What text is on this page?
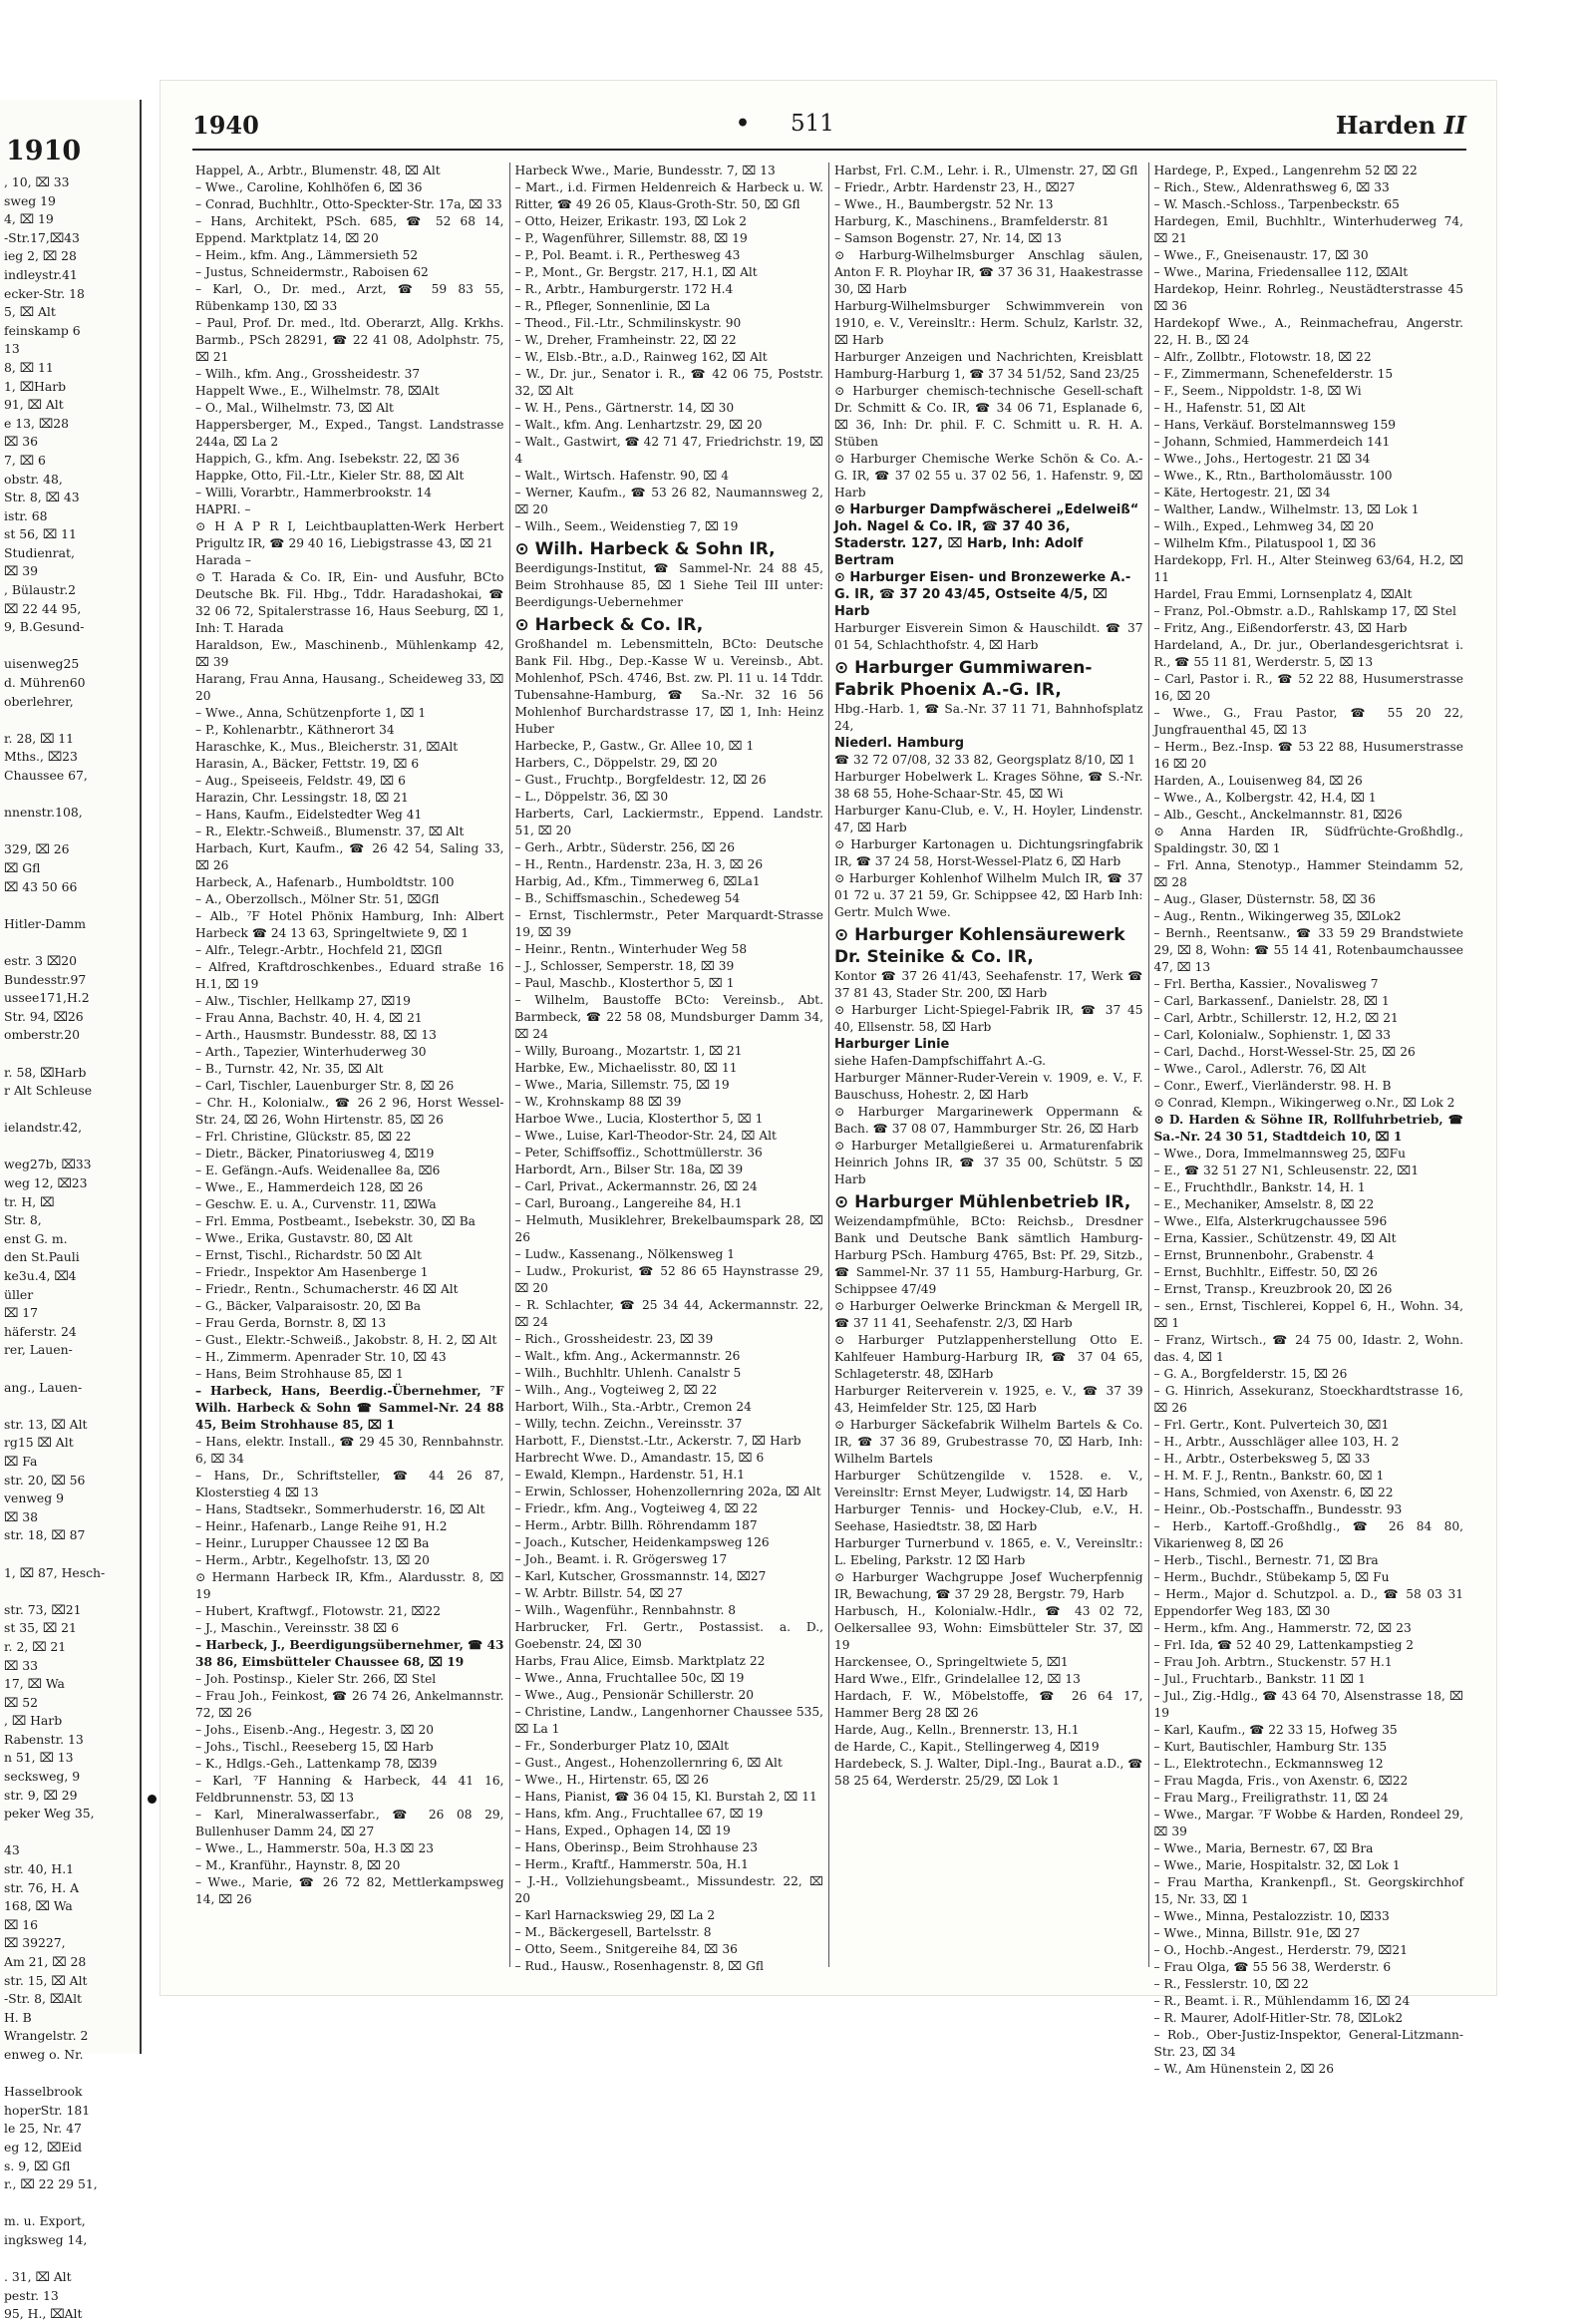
1910
, 10, ⌧ 33
sweg 19
4, ⌧ 19
-Str.17,⌧43
ieg 2, ⌧ 28
indleystr.41
ecker-Str. 18
5, ⌧ Alt
feinskamp 6
13
8, ⌧ 11
1, ⌧Harb
91, ⌧ Alt
e 13, ⌧28
⌧ 36
7, ⌧ 6
obstr. 48,
Str. 8, ⌧ 43
istr. 68
st 56, ⌧ 11
Studienrat,
⌧ 39
, Bülaustr.2
⌧ 22 44 95,
9, B.Gesund-

uisenweg25
d. Mühren60
oberlehrer,

r. 28, ⌧ 11
Mths., ⌧23
Chaussee 67,

nnenstr.108,

329, ⌧ 26
⌧ Gfl
⌧ 43 50 66

Hitler-Damm

estr. 3 ⌧20
Bundesstr.97
ussee171,H.2
Str. 94, ⌧26
omberstr.20

r. 58, ⌧Harb
r Alt Schleuse

ielandstr.42,

weg27b, ⌧33
weg 12, ⌧23
tr. H, ⌧
Str. 8,
enst G. m.
den St.Pauli
ke3u.4, ⌧4
üller
⌧ 17
häferstr. 24
rer, Lauen-

ang., Lauen-

str. 13, ⌧ Alt
rg15 ⌧ Alt
⌧ Fa
str. 20, ⌧ 56
venweg 9
⌧ 38
str. 18, ⌧ 87

1, ⌧ 87, Hesch-

str. 73, ⌧21
st 35, ⌧ 21
r. 2, ⌧ 21
⌧ 33
17, ⌧ Wa
⌧ 52
, ⌧ Harb
Rabenstr. 13
n 51, ⌧ 13
secksweg, 9
str. 9, ⌧ 29
peker Weg 35,

43
str. 40, H.1
str. 76, H. A
168, ⌧ Wa
⌧ 16
⌧ 39227,
Am 21, ⌧ 28
str. 15, ⌧ Alt
-Str. 8, ⌧Alt
H. B
Wrangelstr. 2
enweg o. Nr.

Hasselbrook
hoperStr. 181
le 25, Nr. 47
eg 12, ⌧Eid
s. 9, ⌧ Gfl
r., ⌧ 22 29 51,

m. u. Export,
ingksweg 14,

. 31, ⌧ Alt
pestr. 13
95, H., ⌧Alt
1940	• 511	Harden II

Happel, A., Arbtr., Blumenstr. 48, ⌧ Alt

– Wwe., Caroline, Kohlhöfen 6, ⌧ 36

– Conrad, Buchhltr., Otto-Speckter-Str. 17a, ⌧ 33

– Hans, Architekt, PSch. 685, ☎ 52 68 14, Eppend. Marktplatz 14, ⌧ 20

– Heim., kfm. Ang., Lämmersieth 52

– Justus, Schneidermstr., Raboisen 62

– Karl, O., Dr. med., Arzt, ☎ 59 83 55, Rübenkamp 130, ⌧ 33

– Paul, Prof. Dr. med., ltd. Oberarzt, Allg. Krkhs. Barmb., PSch 28291, ☎ 22 41 08, Adolphstr. 75, ⌧ 21

– Wilh., kfm. Ang., Grossheidestr. 37

Happelt Wwe., E., Wilhelmstr. 78, ⌧Alt

– O., Mal., Wilhelmstr. 73, ⌧ Alt

Happersberger, M., Exped., Tangst. Landstrasse 244a, ⌧ La 2

Happich, G., kfm. Ang. Isebekstr. 22, ⌧ 36

Happke, Otto, Fil.-Ltr., Kieler Str. 88, ⌧ Alt

– Willi, Vorarbtr., Hammerbrookstr. 14

HAPRI. –

⊙ H A P R I, Leichtbauplatten-Werk Herbert Prigultz IR, ☎ 29 40 16, Liebigstrasse 43, ⌧ 21

Harada –

⊙ T. Harada & Co. IR, Ein- und Ausfuhr, BCto Deutsche Bk. Fil. Hbg., Tddr. Haradashokai, ☎ 32 06 72, Spitalerstrasse 16, Haus Seeburg, ⌧ 1, Inh: T. Harada

Haraldson, Ew., Maschinenb., Mühlenkamp 42, ⌧ 39

Harang, Frau Anna, Hausang., Scheideweg 33, ⌧ 20

– Wwe., Anna, Schützenpforte 1, ⌧ 1

– P., Kohlenarbtr., Käthnerort 34

Haraschke, K., Mus., Bleicherstr. 31, ⌧Alt

Harasin, A., Bäcker, Fettstr. 19, ⌧ 6

– Aug., Speiseeis, Feldstr. 49, ⌧ 6

Harazin, Chr. Lessingstr. 18, ⌧ 21

– Hans, Kaufm., Eidelstedter Weg 41

– R., Elektr.-Schweiß., Blumenstr. 37, ⌧ Alt

Harbach, Kurt, Kaufm., ☎ 26 42 54, Saling 33, ⌧ 26

Harbeck, A., Hafenarb., Humboldtstr. 100

– A., Oberzollsch., Mölner Str. 51, ⌧Gfl

– Alb., ⁷F Hotel Phönix Hamburg, Inh: Albert Harbeck ☎ 24 13 63, Springeltwiete 9, ⌧ 1

– Alfr., Telegr.-Arbtr., Hochfeld 21, ⌧Gfl

– Alfred, Kraftdroschkenbes., Eduard straße 16 H.1, ⌧ 19

– Alw., Tischler, Hellkamp 27, ⌧19

– Frau Anna, Bachstr. 40, H. 4, ⌧ 21

– Arth., Hausmstr. Bundesstr. 88, ⌧ 13

– Arth., Tapezier, Winterhuderweg 30

– B., Turnstr. 42, Nr. 35, ⌧ Alt

– Carl, Tischler, Lauenburger Str. 8, ⌧ 26

– Chr. H., Kolonialw., ☎ 26 2 96, Horst Wessel-Str. 24, ⌧ 26, Wohn Hirtenstr. 85, ⌧ 26

– Frl. Christine, Glückstr. 85, ⌧ 22

– Dietr., Bäcker, Pinatoriusweg 4, ⌧19

– E. Gefängn.-Aufs. Weidenallee 8a, ⌧6

– Wwe., E., Hammerdeich 128, ⌧ 26

– Geschw. E. u. A., Curvenstr. 11, ⌧Wa

– Frl. Emma, Postbeamt., Isebekstr. 30, ⌧ Ba

– Wwe., Erika, Gustavstr. 80, ⌧ Alt

– Ernst, Tischl., Richardstr. 50 ⌧ Alt

– Friedr., Inspektor Am Hasenberge 1

– Friedr., Rentn., Schumacherstr. 46 ⌧ Alt

– G., Bäcker, Valparaisostr. 20, ⌧ Ba

– Frau Gerda, Bornstr. 8, ⌧ 13

– Gust., Elektr.-Schweiß., Jakobstr. 8, H. 2, ⌧ Alt

– H., Zimmerm. Apenrader Str. 10, ⌧ 43

– Hans, Beim Strohhause 85, ⌧ 1

– Harbeck, Hans, Beerdig.-Übernehmer, ⁷F Wilh. Harbeck & Sohn ☎ Sammel-Nr. 24 88 45, Beim Strohhause 85, ⌧ 1

– Hans, elektr. Install., ☎ 29 45 30, Rennbahnstr. 6, ⌧ 34

– Hans, Dr., Schriftsteller, ☎ 44 26 87, Klosterstieg 4 ⌧ 13

– Hans, Stadtsekr., Sommerhuderstr. 16, ⌧ Alt

– Heinr., Hafenarb., Lange Reihe 91, H.2

– Heinr., Lurupper Chaussee 12 ⌧ Ba

– Herm., Arbtr., Kegelhofstr. 13, ⌧ 20

⊙ Hermann Harbeck IR, Kfm., Alardusstr. 8, ⌧ 19

– Hubert, Kraftwgf., Flotowstr. 21, ⌧22

– J., Maschin., Vereinsstr. 38 ⌧ 6

– Harbeck, J., Beerdigungsübernehmer, ☎ 43 38 86, Eimsbütteler Chaussee 68, ⌧ 19

– Joh. Postinsp., Kieler Str. 266, ⌧ Stel

– Frau Joh., Feinkost, ☎ 26 74 26, Ankelmannstr. 72, ⌧ 26

– Johs., Eisenb.-Ang., Hegestr. 3, ⌧ 20

– Johs., Tischl., Reeseberg 15, ⌧ Harb

– K., Hdlgs.-Geh., Lattenkamp 78, ⌧39

– Karl, ⁷F Hanning & Harbeck, 44 41 16, Feldbrunnenstr. 53, ⌧ 13

– Karl, Mineralwasserfabr., ☎ 26 08 29, Bullenhuser Damm 24, ⌧ 27

– Wwe., L., Hammerstr. 50a, H.3 ⌧ 23

– M., Kranführ., Haynstr. 8, ⌧ 20

– Wwe., Marie, ☎ 26 72 82, Mettlerkampsweg 14, ⌧ 26

Harbeck Wwe., Marie, Bundesstr. 7, ⌧ 13

– Mart., i.d. Firmen Heldenreich & Harbeck u. W. Ritter, ☎ 49 26 05, Klaus-Groth-Str. 50, ⌧ Gfl

– Otto, Heizer, Erikastr. 193, ⌧ Lok 2

– P., Wagenführer, Sillemstr. 88, ⌧ 19

– P., Pol. Beamt. i. R., Perthesweg 43

– P., Mont., Gr. Bergstr. 217, H.1, ⌧ Alt

– R., Arbtr., Hamburgerstr. 172 H.4

– R., Pfleger, Sonnenlinie, ⌧ La

– Theod., Fil.-Ltr., Schmilinskystr. 90

– W., Dreher, Framheinstr. 22, ⌧ 22

– W., Elsb.-Btr., a.D., Rainweg 162, ⌧ Alt

– W., Dr. jur., Senator i. R., ☎ 42 06 75, Poststr. 32, ⌧ Alt

– W. H., Pens., Gärtnerstr. 14, ⌧ 30

– Walt., kfm. Ang. Lenhartzstr. 29, ⌧ 20

– Walt., Gastwirt, ☎ 42 71 47, Friedrichstr. 19, ⌧ 4

– Walt., Wirtsch. Hafenstr. 90, ⌧ 4

– Werner, Kaufm., ☎ 53 26 82, Naumannsweg 2, ⌧ 20

– Wilh., Seem., Weidenstieg 7, ⌧ 19

⊙ Wilh. Harbeck & Sohn IR,

Beerdigungs-Institut, ☎ Sammel-Nr. 24 88 45, Beim Strohhause 85, ⌧ 1 Siehe Teil III unter: Beerdigungs-Uebernehmer

⊙ Harbeck & Co. IR,

Großhandel m. Lebensmitteln, BCto: Deutsche Bank Fil. Hbg., Dep.-Kasse W u. Vereinsb., Abt. Mohlenhof, PSch. 4746, Bst. zw. Pl. 11 u. 14 Tddr. Tubensahne-Hamburg, ☎ Sa.-Nr. 32 16 56 Mohlenhof Burchardstrasse 17, ⌧ 1, Inh: Heinz Huber

Harbecke, P., Gastw., Gr. Allee 10, ⌧ 1

Harbers, C., Döppelstr. 29, ⌧ 20

– Gust., Fruchtp., Borgfeldestr. 12, ⌧ 26

– L., Döppelstr. 36, ⌧ 30

Harberts, Carl, Lackiermstr., Eppend. Landstr. 51, ⌧ 20

– Gerh., Arbtr., Süderstr. 256, ⌧ 26

– H., Rentn., Hardenstr. 23a, H. 3, ⌧ 26

Harbig, Ad., Kfm., Timmerweg 6, ⌧La1

– B., Schiffsmaschin., Schedeweg 54

– Ernst, Tischlermstr., Peter Marquardt-Strasse 19, ⌧ 39

– Heinr., Rentn., Winterhuder Weg 58

– J., Schlosser, Semperstr. 18, ⌧ 39

– Paul, Maschb., Klosterthor 5, ⌧ 1

– Wilhelm, Baustoffe BCto: Vereinsb., Abt. Barmbeck, ☎ 22 58 08, Mundsburger Damm 34, ⌧ 24

– Willy, Buroang., Mozartstr. 1, ⌧ 21

Harbke, Ew., Michaelisstr. 80, ⌧ 11

– Wwe., Maria, Sillemstr. 75, ⌧ 19

– W., Krohnskamp 88 ⌧ 39

Harboe Wwe., Lucia, Klosterthor 5, ⌧ 1

– Wwe., Luise, Karl-Theodor-Str. 24, ⌧ Alt

– Peter, Schiffsoffiz., Schottmüllerstr. 36

Harbordt, Arn., Bilser Str. 18a, ⌧ 39

– Carl, Privat., Ackermannstr. 26, ⌧ 24

– Carl, Buroang., Langereihe 84, H.1

– Helmuth, Musiklehrer, Brekelbaumspark 28, ⌧ 26

– Ludw., Kassenang., Nölkensweg 1

– Ludw., Prokurist, ☎ 52 86 65 Haynstrasse 29, ⌧ 20

– R. Schlachter, ☎ 25 34 44, Ackermannstr. 22, ⌧ 24

– Rich., Grossheidestr. 23, ⌧ 39

– Walt., kfm. Ang., Ackermannstr. 26

– Wilh., Buchhltr. Uhlenh. Canalstr 5

– Wilh., Ang., Vogteiweg 2, ⌧ 22

Harbort, Wilh., Sta.-Arbtr., Cremon 24

– Willy, techn. Zeichn., Vereinsstr. 37

Harbott, F., Dienstst.-Ltr., Ackerstr. 7, ⌧ Harb

Harbrecht Wwe. D., Amandastr. 15, ⌧ 6

– Ewald, Klempn., Hardenstr. 51, H.1

– Erwin, Schlosser, Hohenzollernring 202a, ⌧ Alt

– Friedr., kfm. Ang., Vogteiweg 4, ⌧ 22

– Herm., Arbtr. Billh. Röhrendamm 187

– Joach., Kutscher, Heidenkampsweg 126

– Joh., Beamt. i. R. Grögersweg 17

– Karl, Kutscher, Grossmannstr. 14, ⌧27

– W. Arbtr. Billstr. 54, ⌧ 27

– Wilh., Wagenführ., Rennbahnstr. 8

Harbrucker, Frl. Gertr., Postassist. a. D., Goebenstr. 24, ⌧ 30

Harbs, Frau Alice, Eimsb. Marktplatz 22

– Wwe., Anna, Fruchtallee 50c, ⌧ 19

– Wwe., Aug., Pensionär Schillerstr. 20

– Christine, Landw., Langenhorner Chaussee 535, ⌧ La 1

– Fr., Sonderburger Platz 10, ⌧Alt

– Gust., Angest., Hohenzollernring 6, ⌧ Alt

– Wwe., H., Hirtenstr. 65, ⌧ 26

– Hans, Pianist, ☎ 36 04 15, Kl. Burstah 2, ⌧ 11

– Hans, kfm. Ang., Fruchtallee 67, ⌧ 19

– Hans, Exped., Ophagen 14, ⌧ 19

– Hans, Oberinsp., Beim Strohhause 23

– Herm., Kraftf., Hammerstr. 50a, H.1

– J.-H., Vollziehungsbeamt., Missundestr. 22, ⌧ 20

– Karl Harnackswieg 29, ⌧ La 2

– M., Bäckergesell, Bartelsstr. 8

– Otto, Seem., Snitgereihe 84, ⌧ 36

– Rud., Hausw., Rosenhagenstr. 8, ⌧ Gfl

Harbst, Frl. C.M., Lehr. i. R., Ulmenstr. 27, ⌧ Gfl

– Friedr., Arbtr. Hardenstr 23, H., ⌧27

– Wwe., H., Baumbergstr. 52 Nr. 13

Harburg, K., Maschinens., Bramfelderstr. 81

– Samson Bogenstr. 27, Nr. 14, ⌧ 13

⊙ Harburg-Wilhelmsburger Anschlag säulen, Anton F. R. Ployhar IR, ☎ 37 36 31, Haakestrasse 30, ⌧ Harb

Harburg-Wilhelmsburger Schwimmverein von 1910, e. V., Vereinsltr.: Herm. Schulz, Karlstr. 32, ⌧ Harb

Harburger Anzeigen und Nachrichten, Kreisblatt Hamburg-Harburg 1, ☎ 37 34 51/52, Sand 23/25

⊙ Harburger chemisch-technische Gesell-schaft Dr. Schmitt & Co. IR, ☎ 34 06 71, Esplanade 6, ⌧ 36, Inh: Dr. phil. F. C. Schmitt u. R. H. A. Stüben

⊙ Harburger Chemische Werke Schön & Co. A.-G. IR, ☎ 37 02 55 u. 37 02 56, 1. Hafenstr. 9, ⌧ Harb

⊙ Harburger Dampfwäscherei „Edelweiß“ Joh. Nagel & Co. IR, ☎ 37 40 36, Staderstr. 127, ⌧ Harb, Inh: Adolf Bertram

⊙ Harburger Eisen- und Bronzewerke A.-G. IR, ☎ 37 20 43/45, Ostseite 4/5, ⌧ Harb

Harburger Eisverein Simon & Hauschildt. ☎ 37 01 54, Schlachthofstr. 4, ⌧ Harb

⊙ Harburger Gummiwaren-Fabrik Phoenix A.-G. IR,

Hbg.-Harb. 1, ☎ Sa.-Nr. 37 11 71, Bahnhofsplatz 24,

Niederl. Hamburg

☎ 32 72 07/08, 32 33 82, Georgsplatz 8/10, ⌧ 1

Harburger Hobelwerk L. Krages Söhne, ☎ S.-Nr. 38 68 55, Hohe-Schaar-Str. 45, ⌧ Wi

Harburger Kanu-Club, e. V., H. Hoyler, Lindenstr. 47, ⌧ Harb

⊙ Harburger Kartonagen u. Dichtungsringfabrik IR, ☎ 37 24 58, Horst-Wessel-Platz 6, ⌧ Harb

⊙ Harburger Kohlenhof Wilhelm Mulch IR, ☎ 37 01 72 u. 37 21 59, Gr. Schippsee 42, ⌧ Harb Inh: Gertr. Mulch Wwe.

⊙ Harburger Kohlensäurewerk Dr. Steinike & Co. IR,

Kontor ☎ 37 26 41/43, Seehafenstr. 17, Werk ☎ 37 81 43, Stader Str. 200, ⌧ Harb

⊙ Harburger Licht-Spiegel-Fabrik IR, ☎ 37 45 40, Ellsenstr. 58, ⌧ Harb

Harburger Linie

siehe Hafen-Dampfschiffahrt A.-G.

Harburger Männer-Ruder-Verein v. 1909, e. V., F. Bauschuss, Hohestr. 2, ⌧ Harb

⊙ Harburger Margarinewerk Oppermann & Bach. ☎ 37 08 07, Hammburger Str. 26, ⌧ Harb

⊙ Harburger Metallgießerei u. Armaturenfabrik Heinrich Johns IR, ☎ 37 35 00, Schütstr. 5 ⌧ Harb

⊙ Harburger Mühlenbetrieb IR,

Weizendampfmühle, BCto: Reichsb., Dresdner Bank und Deutsche Bank sämtlich Hamburg-Harburg PSch. Hamburg 4765, Bst: Pf. 29, Sitzb., ☎ Sammel-Nr. 37 11 55, Hamburg-Harburg, Gr. Schippsee 47/49

⊙ Harburger Oelwerke Brinckman & Mergell IR, ☎ 37 11 41, Seehafenstr. 2/3, ⌧ Harb

⊙ Harburger Putzlappenherstellung Otto E. Kahlfeuer Hamburg-Harburg IR, ☎ 37 04 65, Schlageterstr. 48, ⌧Harb

Harburger Reiterverein v. 1925, e. V., ☎ 37 39 43, Heimfelder Str. 125, ⌧ Harb

⊙ Harburger Säckefabrik Wilhelm Bartels & Co. IR, ☎ 37 36 89, Grubestrasse 70, ⌧ Harb, Inh: Wilhelm Bartels

Harburger Schützengilde v. 1528. e. V., Vereinsltr: Ernst Meyer, Ludwigstr. 14, ⌧ Harb

Harburger Tennis- und Hockey-Club, e.V., H. Seehase, Hasiedtstr. 38, ⌧ Harb

Harburger Turnerbund v. 1865, e. V., Vereinsltr.: L. Ebeling, Parkstr. 12 ⌧ Harb

⊙ Harburger Wachgruppe Josef Wucherpfennig IR, Bewachung, ☎ 37 29 28, Bergstr. 79, Harb

Harbusch, H., Kolonialw.-Hdlr., ☎ 43 02 72, Oelkersallee 93, Wohn: Eimsbütteler Str. 37, ⌧ 19

Harckensee, O., Springeltwiete 5, ⌧1

Hard Wwe., Elfr., Grindelallee 12, ⌧ 13

Hardach, F. W., Möbelstoffe, ☎ 26 64 17, Hammer Berg 28 ⌧ 26

Harde, Aug., Kelln., Brennerstr. 13, H.1

de Harde, C., Kapit., Stellingerweg 4, ⌧19

Hardebeck, S. J. Walter, Dipl.-Ing., Baurat a.D., ☎ 58 25 64, Werderstr. 25/29, ⌧ Lok 1

Hardege, P., Exped., Langenrehm 52 ⌧ 22

– Rich., Stew., Aldenrathsweg 6, ⌧ 33

– W. Masch.-Schloss., Tarpenbeckstr. 65

Hardegen, Emil, Buchhltr., Winterhuderweg 74, ⌧ 21

– Wwe., F., Gneisenaustr. 17, ⌧ 30

– Wwe., Marina, Friedensallee 112, ⌧Alt

Hardekop, Heinr. Rohrleg., Neustädterstrasse 45 ⌧ 36

Hardekopf Wwe., A., Reinmachefrau, Angerstr. 22, H. B., ⌧ 24

– Alfr., Zollbtr., Flotowstr. 18, ⌧ 22

– F., Zimmermann, Schenefelderstr. 15

– F., Seem., Nippoldstr. 1-8, ⌧ Wi

– H., Hafenstr. 51, ⌧ Alt

– Hans, Verkäuf. Borstelmannsweg 159

– Johann, Schmied, Hammerdeich 141

– Wwe., Johs., Hertogestr. 21 ⌧ 34

– Wwe., K., Rtn., Bartholomäusstr. 100

– Käte, Hertogestr. 21, ⌧ 34

– Walther, Landw., Wilhelmstr. 13, ⌧ Lok 1

– Wilh., Exped., Lehmweg 34, ⌧ 20

– Wilhelm Kfm., Pilatuspool 1, ⌧ 36

Hardekopp, Frl. H., Alter Steinweg 63/64, H.2, ⌧ 11

Hardel, Frau Emmi, Lornsenplatz 4, ⌧Alt

– Franz, Pol.-Obmstr. a.D., Rahlskamp 17, ⌧ Stel

– Fritz, Ang., Eißendorferstr. 43, ⌧ Harb

Hardeland, A., Dr. jur., Oberlandesgerichtsrat i. R., ☎ 55 11 81, Werderstr. 5, ⌧ 13

– Carl, Pastor i. R., ☎ 52 22 88, Husumerstrasse 16, ⌧ 20

– Wwe., G., Frau Pastor, ☎ 55 20 22, Jungfrauenthal 45, ⌧ 13

– Herm., Bez.-Insp. ☎ 53 22 88, Husumerstrasse 16 ⌧ 20

Harden, A., Louisenweg 84, ⌧ 26

– Wwe., A., Kolbergstr. 42, H.4, ⌧ 1

– Alb., Gescht., Anckelmannstr. 81, ⌧26

⊙ Anna Harden IR, Südfrüchte-Großhdlg., Spaldingstr. 30, ⌧ 1

– Frl. Anna, Stenotyp., Hammer Steindamm 52, ⌧ 28

– Aug., Glaser, Düsternstr. 58, ⌧ 36

– Aug., Rentn., Wikingerweg 35, ⌧Lok2

– Bernh., Reentsanw., ☎ 33 59 29 Brandstwiete 29, ⌧ 8, Wohn: ☎ 55 14 41, Rotenbaumchaussee 47, ⌧ 13

– Frl. Bertha, Kassier., Novalisweg 7

– Carl, Barkassenf., Danielstr. 28, ⌧ 1

– Carl, Arbtr., Schillerstr. 12, H.2, ⌧ 21

– Carl, Kolonialw., Sophienstr. 1, ⌧ 33

– Carl, Dachd., Horst-Wessel-Str. 25, ⌧ 26

– Wwe., Carol., Adlerstr. 76, ⌧ Alt

– Conr., Ewerf., Vierländerstr. 98. H. B

⊙ Conrad, Klempn., Wikingerweg o.Nr., ⌧ Lok 2

⊙ D. Harden & Söhne IR, Rollfuhrbetrieb, ☎ Sa.-Nr. 24 30 51, Stadtdeich 10, ⌧ 1

– Wwe., Dora, Immelmannsweg 25, ⌧Fu

– E., ☎ 32 51 27 N1, Schleusenstr. 22, ⌧1

– E., Fruchthdlr., Bankstr. 14, H. 1

– E., Mechaniker, Amselstr. 8, ⌧ 22

– Wwe., Elfa, Alsterkrugchaussee 596

– Erna, Kassier., Schützenstr. 49, ⌧ Alt

– Ernst, Brunnenbohr., Grabenstr. 4

– Ernst, Buchhltr., Eiffestr. 50, ⌧ 26

– Ernst, Transp., Kreuzbrook 20, ⌧ 26

– sen., Ernst, Tischlerei, Koppel 6, H., Wohn. 34, ⌧ 1

– Franz, Wirtsch., ☎ 24 75 00, Idastr. 2, Wohn. das. 4, ⌧ 1

– G. A., Borgfelderstr. 15, ⌧ 26

– G. Hinrich, Assekuranz, Stoeckhardtstrasse 16, ⌧ 26

– Frl. Gertr., Kont. Pulverteich 30, ⌧1

– H., Arbtr., Ausschläger allee 103, H. 2

– H., Arbtr., Osterbeksweg 5, ⌧ 33

– H. M. F. J., Rentn., Bankstr. 60, ⌧ 1

– Hans, Schmied, von Axenstr. 6, ⌧ 22

– Heinr., Ob.-Postschaffn., Bundesstr. 93

– Herb., Kartoff.-Großhdlg., ☎ 26 84 80, Vikarienweg 8, ⌧ 26

– Herb., Tischl., Bernestr. 71, ⌧ Bra

– Herm., Buchdr., Stübekamp 5, ⌧ Fu

– Herm., Major d. Schutzpol. a. D., ☎ 58 03 31 Eppendorfer Weg 183, ⌧ 30

– Herm., kfm. Ang., Hammerstr. 72, ⌧ 23

– Frl. Ida, ☎ 52 40 29, Lattenkampstieg 2

– Frau Joh. Arbtrn., Stuckenstr. 57 H.1

– Jul., Fruchtarb., Bankstr. 11 ⌧ 1

– Jul., Zig.-Hdlg., ☎ 43 64 70, Alsenstrasse 18, ⌧ 19

– Karl, Kaufm., ☎ 22 33 15, Hofweg 35

– Kurt, Bautischler, Hamburg Str. 135

– L., Elektrotechn., Eckmannsweg 12

– Frau Magda, Fris., von Axenstr. 6, ⌧22

– Frau Marg., Freiligrathstr. 11, ⌧ 24

– Wwe., Margar. ⁷F Wobbe & Harden, Rondeel 29, ⌧ 39

– Wwe., Maria, Bernestr. 67, ⌧ Bra

– Wwe., Marie, Hospitalstr. 32, ⌧ Lok 1

– Frau Martha, Krankenpfl., St. Georgskirchhof 15, Nr. 33, ⌧ 1

– Wwe., Minna, Pestalozzistr. 10, ⌧33

– Wwe., Minna, Billstr. 91e, ⌧ 27

– O., Hochb.-Angest., Herderstr. 79, ⌧21

– Frau Olga, ☎ 55 56 38, Werderstr. 6

– R., Fesslerstr. 10, ⌧ 22

– R., Beamt. i. R., Mühlendamm 16, ⌧ 24

– R. Maurer, Adolf-Hitler-Str. 78, ⌧Lok2

– Rob., Ober-Justiz-Inspektor, General-Litzmann-Str. 23, ⌧ 34

– W., Am Hünenstein 2, ⌧ 26
